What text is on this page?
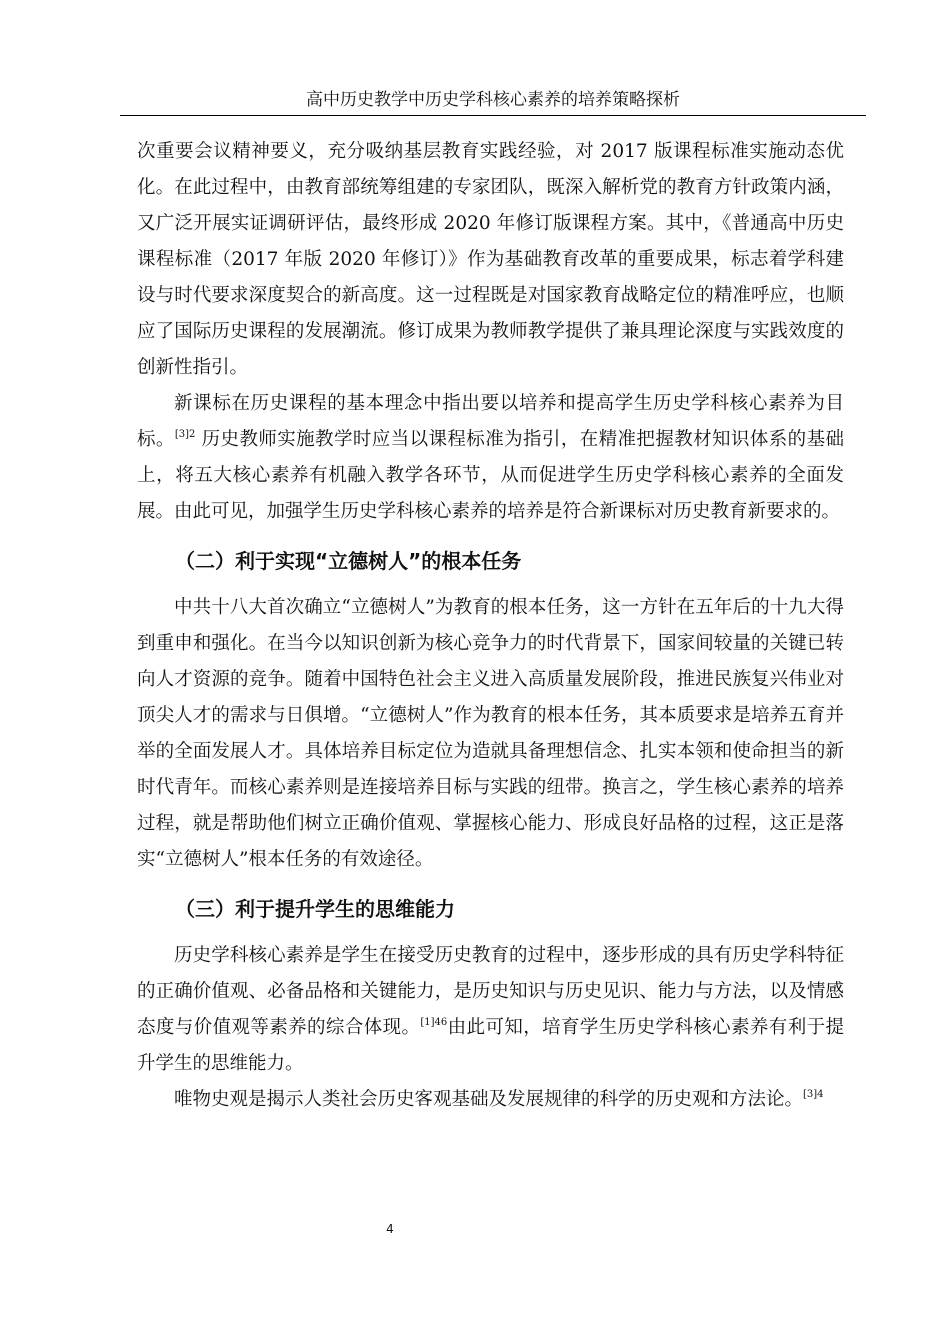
高中历史教学中历史学科核心素养的培养策略探析

次重要会议精神要义，充分吸纳基层教育实践经验，对 2017 版课程标准实施动态优化。在此过程中，由教育部统筹组建的专家团队，既深入解析党的教育方针政策内涵，又广泛开展实证调研评估，最终形成 2020 年修订版课程方案。其中，《普通高中历史课程标准（2017 年版 2020 年修订）》作为基础教育改革的重要成果，标志着学科建设与时代要求深度契合的新高度。这一过程既是对国家教育战略定位的精准呼应，也顺应了国际历史课程的发展潮流。修订成果为教师教学提供了兼具理论深度与实践效度的创新性指引。

新课标在历史课程的基本理念中指出要以培养和提高学生历史学科核心素养为目标。$^{[3]2}$ 历史教师实施教学时应当以课程标准为指引，在精准把握教材知识体系的基础上，将五大核心素养有机融入教学各环节，从而促进学生历史学科核心素养的全面发展。由此可见，加强学生历史学科核心素养的培养是符合新课标对历史教育新要求的。

（二）利于实现“立德树人”的根本任务

中共十八大首次确立“立德树人”为教育的根本任务，这一方针在五年后的十九大得到重申和强化。在当今以知识创新为核心竞争力的时代背景下，国家间较量的关键已转向人才资源的竞争。随着中国特色社会主义进入高质量发展阶段，推进民族复兴伟业对顶尖人才的需求与日俱增。“立德树人”作为教育的根本任务，其本质要求是培养五育并举的全面发展人才。具体培养目标定位为造就具备理想信念、扎实本领和使命担当的新时代青年。而核心素养则是连接培养目标与实践的纽带。换言之，学生核心素养的培养过程，就是帮助他们树立正确价值观、掌握核心能力、形成良好品格的过程，这正是落实“立德树人”根本任务的有效途径。

（三）利于提升学生的思维能力

历史学科核心素养是学生在接受历史教育的过程中，逐步形成的具有历史学科特征的正确价值观、必备品格和关键能力，是历史知识与历史见识、能力与方法，以及情感态度与价值观等素养的综合体现。$^{[1]46}$由此可知，培育学生历史学科核心素养有利于提升学生的思维能力。

唯物史观是揭示人类社会历史客观基础及发展规律的科学的历史观和方法论。$^{[3]4}$

4
